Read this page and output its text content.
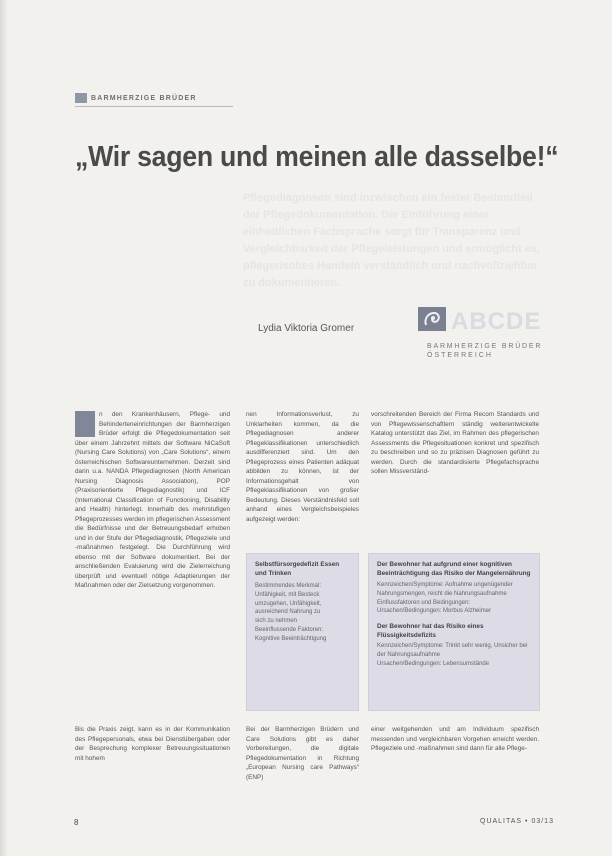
BARMHERZIGE BRÜDER
„Wir sagen und meinen alle dasselbe!“
Pflegediagnosen sind inzwischen ein fester Bestandteil der Pflegedokumentation. Die Einführung einer einheitlichen Fachsprache sorgt für Transparenz und Vergleichbarkeit der Pflegeleistungen und ermöglicht es, pflegerisches Handeln verständlich und nachvollziehbar zu dokumentieren.
Lydia Viktoria Gromer	ABCDE
BARMHERZIGE BRÜDER
ÖSTERREICH

n den Krankenhäusern, Pflege- und Behinderteneinrichtungen der Barmherzigen Brüder erfolgt die Pflegedokumentation seit über einem Jahrzehnt mittels der Software NiCaSoft (Nursing Care Solutions) von „Care Solutions“, einem österreichischen Softwareunternehmen. Derzeit sind darin u.a. NANDA Pflegediagnosen (North American Nursing Diagnosis Association), POP (Praxisorientierte Pflegediagnostik) und ICF (International Classification of Functioning, Disability and Health) hinterlegt. Innerhalb des mehrstufigen Pflegeprozesses werden im pflegerischen Assessment die Bedürfnisse und der Betreuungsbedarf erhoben und in der Stufe der Pflegediagnostik, Pflegeziele und -maßnahmen festgelegt. Die Durchführung wird ebenso mit der Software dokumentiert. Bei der anschließenden Evaluierung wird die Zielerreichung überprüft und eventuell nötige Adaptierungen der Maßnahmen oder der Zielsetzung vorgenommen.

nen Informationsverlust, zu Unklarheiten kommen, da die Pflegediagnosen anderer Pflegeklassifikationen unterschiedlich ausdifferenziert sind. Um den Pflegeprozess eines Patienten adäquat abbilden zu können, ist der Informationsgehalt von Pflegeklassifikationen von großer Bedeutung. Dieses Verständnisfeld soll anhand eines Vergleichsbeispieles aufgezeigt werden:

vorschreitenden Bereich der Firma Recom Standards und von Pflegewissenschaftlern ständig weiterentwickelte Katalog unterstützt das Ziel, im Rahmen des pflegerischen Assessments die Pflegesituationen konkret und spezifisch zu beschreiben und so zu präzisen Diagnosen geführt zu werden. Durch die standardisierte Pflegefachsprache sollen Missverständ-

Selbstfürsorgedefizit Essen und Trinken
Bestimmendes Merkmal:
Unfähigkeit, mit Besteck
umzugehen, Unfähigkeit,
ausreichend Nahrung zu
sich zu nehmen
Beeinflussende Faktoren:
Kognitive Beeinträchtigung
Der Bewohner hat aufgrund einer kognitiven Beeinträchtigung das Risiko der Mangelernährung
Kennzeichen/Symptome: Aufnahme ungenügender Nahrungsmengen, reicht die Nahrungsaufnahme
Einflussfaktoren und Bedingungen:
Ursachen/Bedingungen: Morbus Alzheimer
Der Bewohner hat das Risiko eines Flüssigkeitsdefizits
Kennzeichen/Symptome: Trinkt sehr wenig, Unsicher bei der Nahrungsaufnahme
Ursachen/Bedingungen: Lebensumstände

Bis die Praxis zeigt, kann es in der Kommunikation des Pflegepersonals, etwa bei Dienstübergaben oder der Besprechung komplexer Betreuungssituationen mit hohem

Bei der Barmherzigen Brüdern und Care Solutions gibt es daher Vorbereitungen, die digitale Pflegedokumentation in Richtung „European Nursing care Pathways“ (ENP)

einer weitgehenden und am Individuum spezifisch messenden und vergleichbaren Vorgehen erreicht werden. Pflegeziele und -maßnahmen sind dann für alle Pflege-

8	QUALITAS • 03/13
